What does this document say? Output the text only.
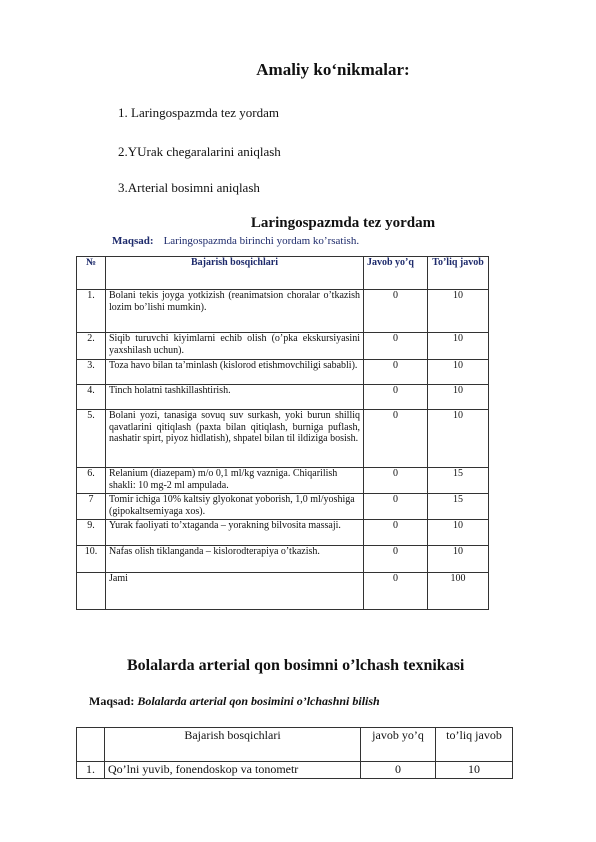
Amaliy ko‘nikmalar:
1. Laringospazmda tez yordam
2.YUrak chegaralarini aniqlash
3.Arterial bosimni aniqlash
Laringospazmda tez yordam
Maqsad: Laringospazmda birinchi yordam ko’rsatish.
№	Bajarish bosqichlari	Javob yo’q	To’liq javob
1.	Bolani tekis joyga yotkizish (reanimatsion choralar o’tkazish lozim bo’lishi mumkin).	0	10
2.	Siqib turuvchi kiyimlarni echib olish (o’pka ekskursiyasini yaxshilash uchun).	0	10
3.	Toza havo bilan ta’minlash (kislorod etishmovchiligi sababli).	0	10
4.	Tinch holatni tashkillashtirish.	0	10
5.	Bolani yozi, tanasiga sovuq suv surkash, yoki burun shilliq qavatlarini qitiqlash (paxta bilan qitiqlash, burniga puflash, nashatir spirt, piyoz hidlatish), shpatel bilan til ildiziga bosish.	0	10
6.	Relanium (diazepam) m/o 0,1 ml/kg vazniga. Chiqarilish shakli: 10 mg-2 ml ampulada.	0	15
7	Tomir ichiga 10% kaltsiy glyokonat yoborish, 1,0 ml/yoshiga (gipokaltsemiyaga xos).	0	15
9.	Yurak faoliyati to’xtaganda – yorakning bilvosita massaji.	0	10
10.	Nafas olish tiklanganda – kislorodterapiya o’tkazish.	0	10
	Jami	0	100
Bolalarda arterial qon bosimni o’lchash texnikasi
Maqsad: Bolalarda arterial qon bosimini o’lchashni bilish
	Bajarish bosqichlari	javob yo’q	to’liq javob
1.	Qo’lni yuvib, fonendoskop va tonometr	0	10
